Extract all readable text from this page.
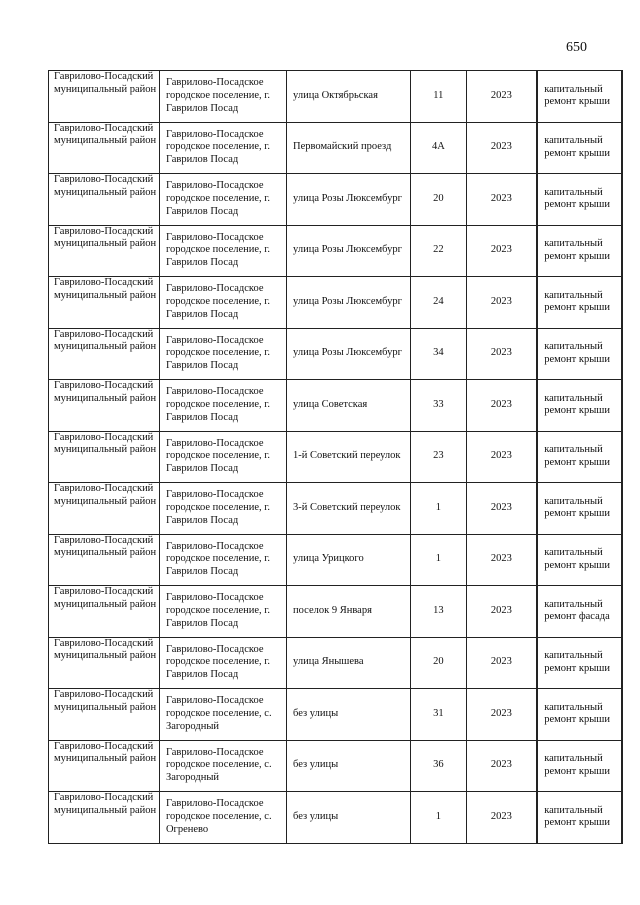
650
Гаврилово-Посадский муниципальный район	Гаврилово-Посадское городское поселение, г. Гаврилов Посад	улица Октябрьская	11	2023	капитальный ремонт крыши
Гаврилово-Посадский муниципальный район	Гаврилово-Посадское городское поселение, г. Гаврилов Посад	Первомайский проезд	4А	2023	капитальный ремонт крыши
Гаврилово-Посадский муниципальный район	Гаврилово-Посадское городское поселение, г. Гаврилов Посад	улица Розы Люксембург	20	2023	капитальный ремонт крыши
Гаврилово-Посадский муниципальный район	Гаврилово-Посадское городское поселение, г. Гаврилов Посад	улица Розы Люксембург	22	2023	капитальный ремонт крыши
Гаврилово-Посадский муниципальный район	Гаврилово-Посадское городское поселение, г. Гаврилов Посад	улица Розы Люксембург	24	2023	капитальный ремонт крыши
Гаврилово-Посадский муниципальный район	Гаврилово-Посадское городское поселение, г. Гаврилов Посад	улица Розы Люксембург	34	2023	капитальный ремонт крыши
Гаврилово-Посадский муниципальный район	Гаврилово-Посадское городское поселение, г. Гаврилов Посад	улица Советская	33	2023	капитальный ремонт крыши
Гаврилово-Посадский муниципальный район	Гаврилово-Посадское городское поселение, г. Гаврилов Посад	1-й Советский переулок	23	2023	капитальный ремонт крыши
Гаврилово-Посадский муниципальный район	Гаврилово-Посадское городское поселение, г. Гаврилов Посад	3-й Советский переулок	1	2023	капитальный ремонт крыши
Гаврилово-Посадский муниципальный район	Гаврилово-Посадское городское поселение, г. Гаврилов Посад	улица Урицкого	1	2023	капитальный ремонт крыши
Гаврилово-Посадский муниципальный район	Гаврилово-Посадское городское поселение, г. Гаврилов Посад	поселок 9 Января	13	2023	капитальный ремонт фасада
Гаврилово-Посадский муниципальный район	Гаврилово-Посадское городское поселение, г. Гаврилов Посад	улица Янышева	20	2023	капитальный ремонт крыши
Гаврилово-Посадский муниципальный район	Гаврилово-Посадское городское поселение, с. Загородный	без улицы	31	2023	капитальный ремонт крыши
Гаврилово-Посадский муниципальный район	Гаврилово-Посадское городское поселение, с. Загородный	без улицы	36	2023	капитальный ремонт крыши
Гаврилово-Посадский муниципальный район	Гаврилово-Посадское городское поселение, с. Огренево	без улицы	1	2023	капитальный ремонт крыши
